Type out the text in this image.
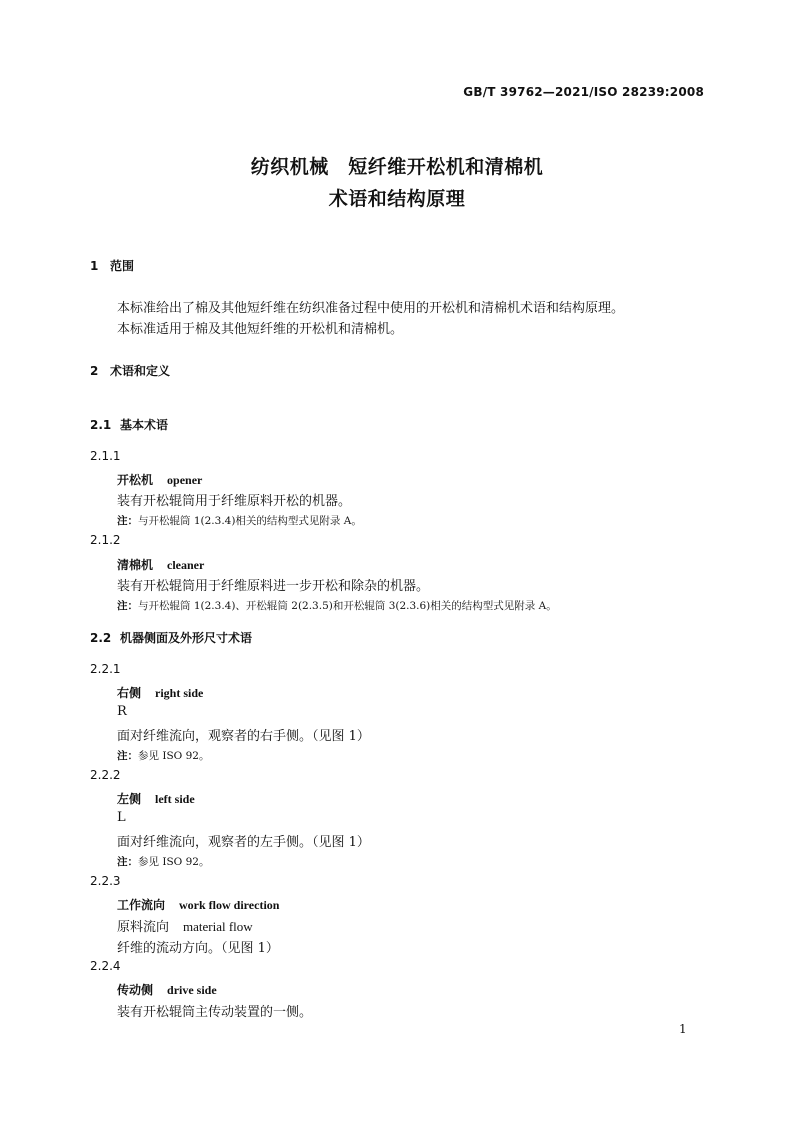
GB/T 39762—2021/ISO 28239:2008
纺织机械　短纤维开松机和清棉机
术语和结构原理
1 范围
本标准给出了棉及其他短纤维在纺织准备过程中使用的开松机和清棉机术语和结构原理。
本标准适用于棉及其他短纤维的开松机和清棉机。
2 术语和定义
2.1 基本术语
2.1.1
开松机 opener
装有开松辊筒用于纤维原料开松的机器。
注：与开松辊筒 1(2.3.4)相关的结构型式见附录 A。
2.1.2
清棉机 cleaner
装有开松辊筒用于纤维原料进一步开松和除杂的机器。
注：与开松辊筒 1(2.3.4)、开松辊筒 2(2.3.5)和开松辊筒 3(2.3.6)相关的结构型式见附录 A。
2.2 机器侧面及外形尺寸术语
2.2.1
右侧 right side
R
面对纤维流向，观察者的右手侧。（见图 1）
注：参见 ISO 92。
2.2.2
左侧 left side
L
面对纤维流向，观察者的左手侧。（见图 1）
注：参见 ISO 92。
2.2.3
工作流向 work flow direction
原料流向 material flow
纤维的流动方向。（见图 1）
2.2.4
传动侧 drive side
装有开松辊筒主传动装置的一侧。
1
